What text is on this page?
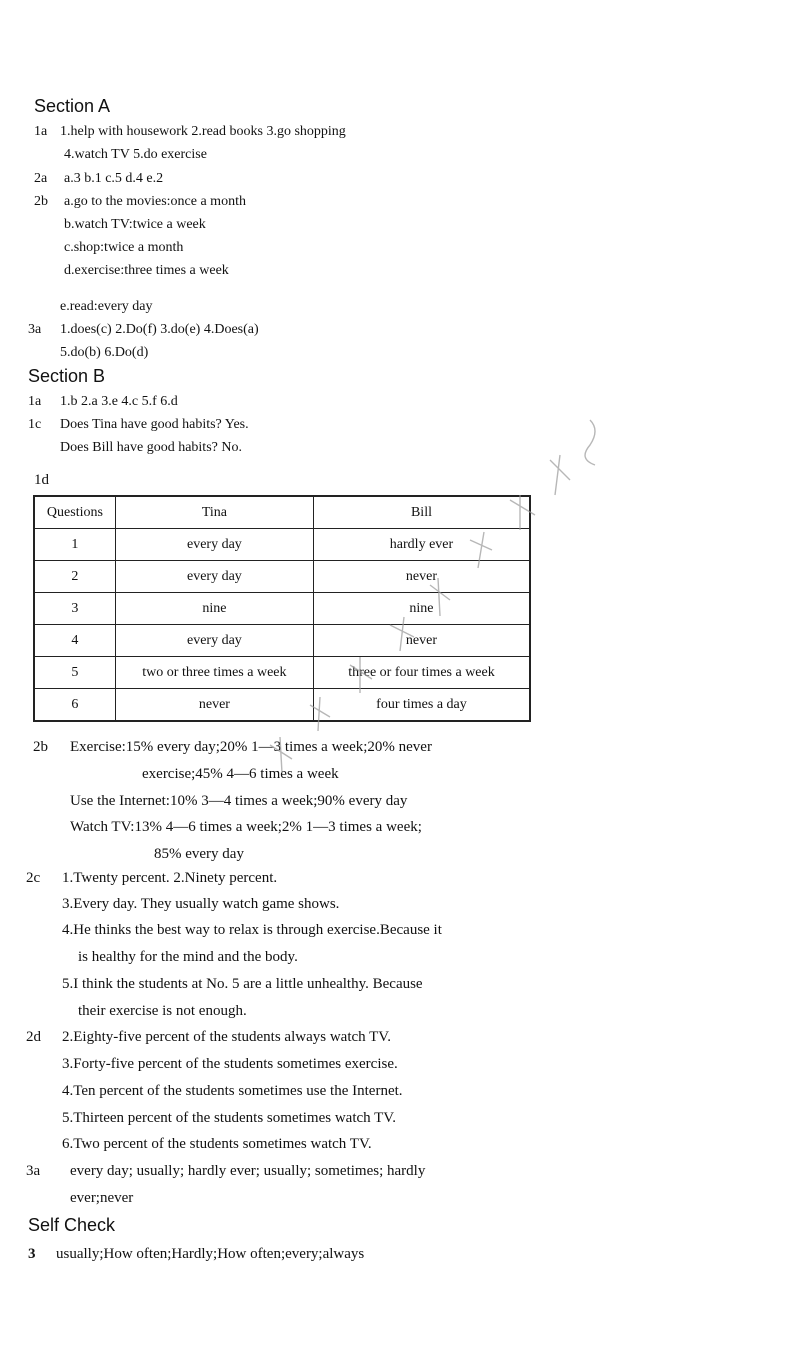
Section A
1a 1.help with housework 2.read books 3.go shopping
4.watch TV 5.do exercise
2a a.3 b.1 c.5 d.4 e.2
2b a.go to the movies:once a month
b.watch TV:twice a week
c.shop:twice a month
d.exercise:three times a week
e.read:every day
3a 1.does(c) 2.Do(f) 3.do(e) 4.Does(a)
5.do(b) 6.Do(d)
Section B
1a 1.b 2.a 3.e 4.c 5.f 6.d
1c Does Tina have good habits? Yes.
Does Bill have good habits? No.
1d
Questions	Tina	Bill
1	every day	hardly ever
2	every day	never
3	nine	nine
4	every day	never
5	two or three times a week	three or four times a week
6	never	four times a day
2b Exercise:15% every day;20% 1—3 times a week;20% never
exercise;45% 4—6 times a week
Use the Internet:10% 3—4 times a week;90% every day
Watch TV:13% 4—6 times a week;2% 1—3 times a week;
85% every day
2c 1.Twenty percent. 2.Ninety percent.
3.Every day. They usually watch game shows.
4.He thinks the best way to relax is through exercise.Because it
is healthy for the mind and the body.
5.I think the students at No. 5 are a little unhealthy. Because
their exercise is not enough.
2d 2.Eighty-five percent of the students always watch TV.
3.Forty-five percent of the students sometimes exercise.
4.Ten percent of the students sometimes use the Internet.
5.Thirteen percent of the students sometimes watch TV.
6.Two percent of the students sometimes watch TV.
3a every day; usually; hardly ever; usually; sometimes; hardly
ever;never
Self Check
3 usually;How often;Hardly;How often;every;always
